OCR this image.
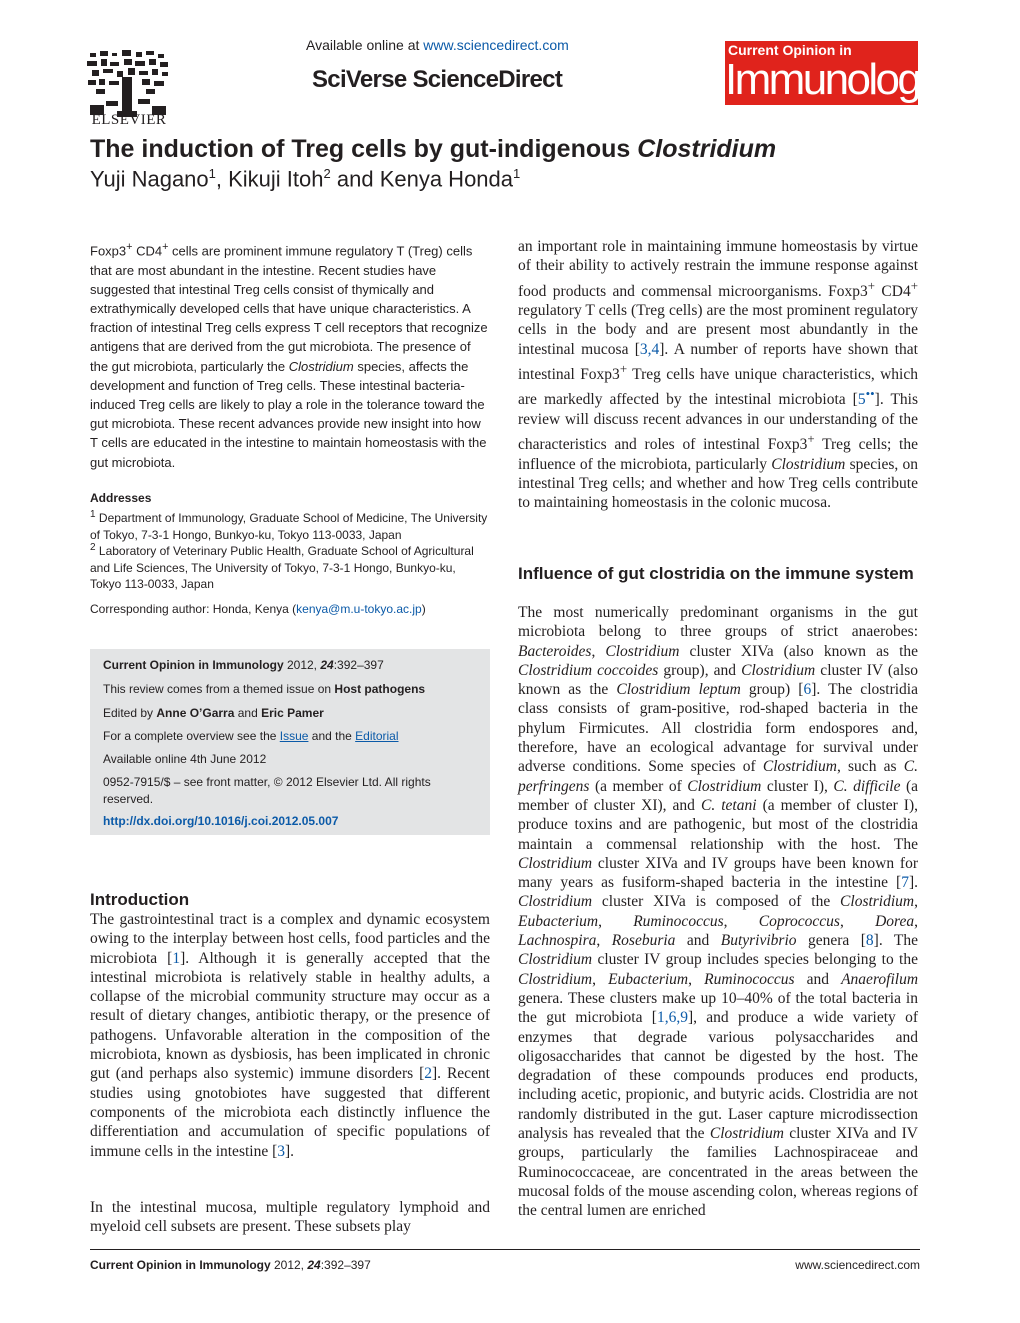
ELSEVIER
Available online at www.sciencedirect.com
SciVerse ScienceDirect
Current Opinion in
Immunology
The induction of Treg cells by gut-indigenous Clostridium
Yuji Nagano$^1$, Kikuji Itoh$^2$ and Kenya Honda$^1$

Foxp3+ CD4+ cells are prominent immune regulatory T (Treg) cells that are most abundant in the intestine. Recent studies have suggested that intestinal Treg cells consist of thymically and extrathymically developed cells that have unique characteristics. A fraction of intestinal Treg cells express T cell receptors that recognize antigens that are derived from the gut microbiota. The presence of the gut microbiota, particularly the Clostridium species, affects the development and function of Treg cells. These intestinal bacteria-induced Treg cells are likely to play a role in the tolerance toward the gut microbiota. These recent advances provide new insight into how T cells are educated in the intestine to maintain homeostasis with the gut microbiota.

Addresses
$^1$ Department of Immunology, Graduate School of Medicine, The University of Tokyo, 7-3-1 Hongo, Bunkyo-ku, Tokyo 113-0033, Japan
$^2$ Laboratory of Veterinary Public Health, Graduate School of Agricultural and Life Sciences, The University of Tokyo, 7-3-1 Hongo, Bunkyo-ku, Tokyo 113-0033, Japan
Corresponding author: Honda, Kenya (kenya@m.u-tokyo.ac.jp)
Current Opinion in Immunology 2012, 24:392–397
This review comes from a themed issue on Host pathogens
Edited by Anne O’Garra and Eric Pamer
For a complete overview see the Issue and the Editorial
Available online 4th June 2012
0952-7915/$ – see front matter, © 2012 Elsevier Ltd. All rights reserved.
http://dx.doi.org/10.1016/j.coi.2012.05.007
Introduction

The gastrointestinal tract is a complex and dynamic ecosystem owing to the interplay between host cells, food particles and the microbiota [1]. Although it is generally accepted that the intestinal microbiota is relatively stable in healthy adults, a collapse of the microbial community structure may occur as a result of dietary changes, antibiotic therapy, or the presence of pathogens. Unfavorable alteration in the composition of the microbiota, known as dysbiosis, has been implicated in chronic gut (and perhaps also systemic) immune disorders [2]. Recent studies using gnotobiotes have suggested that different components of the microbiota each distinctly influence the differentiation and accumulation of specific populations of immune cells in the intestine [3].

In the intestinal mucosa, multiple regulatory lymphoid and myeloid cell subsets are present. These subsets play

an important role in maintaining immune homeostasis by virtue of their ability to actively restrain the immune response against food products and commensal microorganisms. Foxp3+ CD4+ regulatory T cells (Treg cells) are the most prominent regulatory cells in the body and are present most abundantly in the intestinal mucosa [3,4]. A number of reports have shown that intestinal Foxp3+ Treg cells have unique characteristics, which are markedly affected by the intestinal microbiota [5••]. This review will discuss recent advances in our understanding of the characteristics and roles of intestinal Foxp3+ Treg cells; the influence of the microbiota, particularly Clostridium species, on intestinal Treg cells; and whether and how Treg cells contribute to maintaining homeostasis in the colonic mucosa.

Influence of gut clostridia on the immune system

The most numerically predominant organisms in the gut microbiota belong to three groups of strict anaerobes: Bacteroides, Clostridium cluster XIVa (also known as the Clostridium coccoides group), and Clostridium cluster IV (also known as the Clostridium leptum group) [6]. The clostridia class consists of gram-positive, rod-shaped bacteria in the phylum Firmicutes. All clostridia form endospores and, therefore, have an ecological advantage for survival under adverse conditions. Some species of Clostridium, such as C. perfringens (a member of Clostridium cluster I), C. difficile (a member of cluster XI), and C. tetani (a member of cluster I), produce toxins and are pathogenic, but most of the clostridia maintain a commensal relationship with the host. The Clostridium cluster XIVa and IV groups have been known for many years as fusiform-shaped bacteria in the intestine [7]. Clostridium cluster XIVa is composed of the Clostridium, Eubacterium, Ruminococcus, Coprococcus, Dorea, Lachnospira, Roseburia and Butyrivibrio genera [8]. The Clostridium cluster IV group includes species belonging to the Clostridium, Eubacterium, Ruminococcus and Anaerofilum genera. These clusters make up 10–40% of the total bacteria in the gut microbiota [1,6,9], and produce a wide variety of enzymes that degrade various polysaccharides and oligosaccharides that cannot be digested by the host. The degradation of these compounds produces end products, including acetic, propionic, and butyric acids. Clostridia are not randomly distributed in the gut. Laser capture microdissection analysis has revealed that the Clostridium cluster XIVa and IV groups, particularly the families Lachnospiraceae and Ruminococcaceae, are concentrated in the areas between the mucosal folds of the mouse ascending colon, whereas regions of the central lumen are enriched

Current Opinion in Immunology 2012, 24:392–397	www.sciencedirect.com
